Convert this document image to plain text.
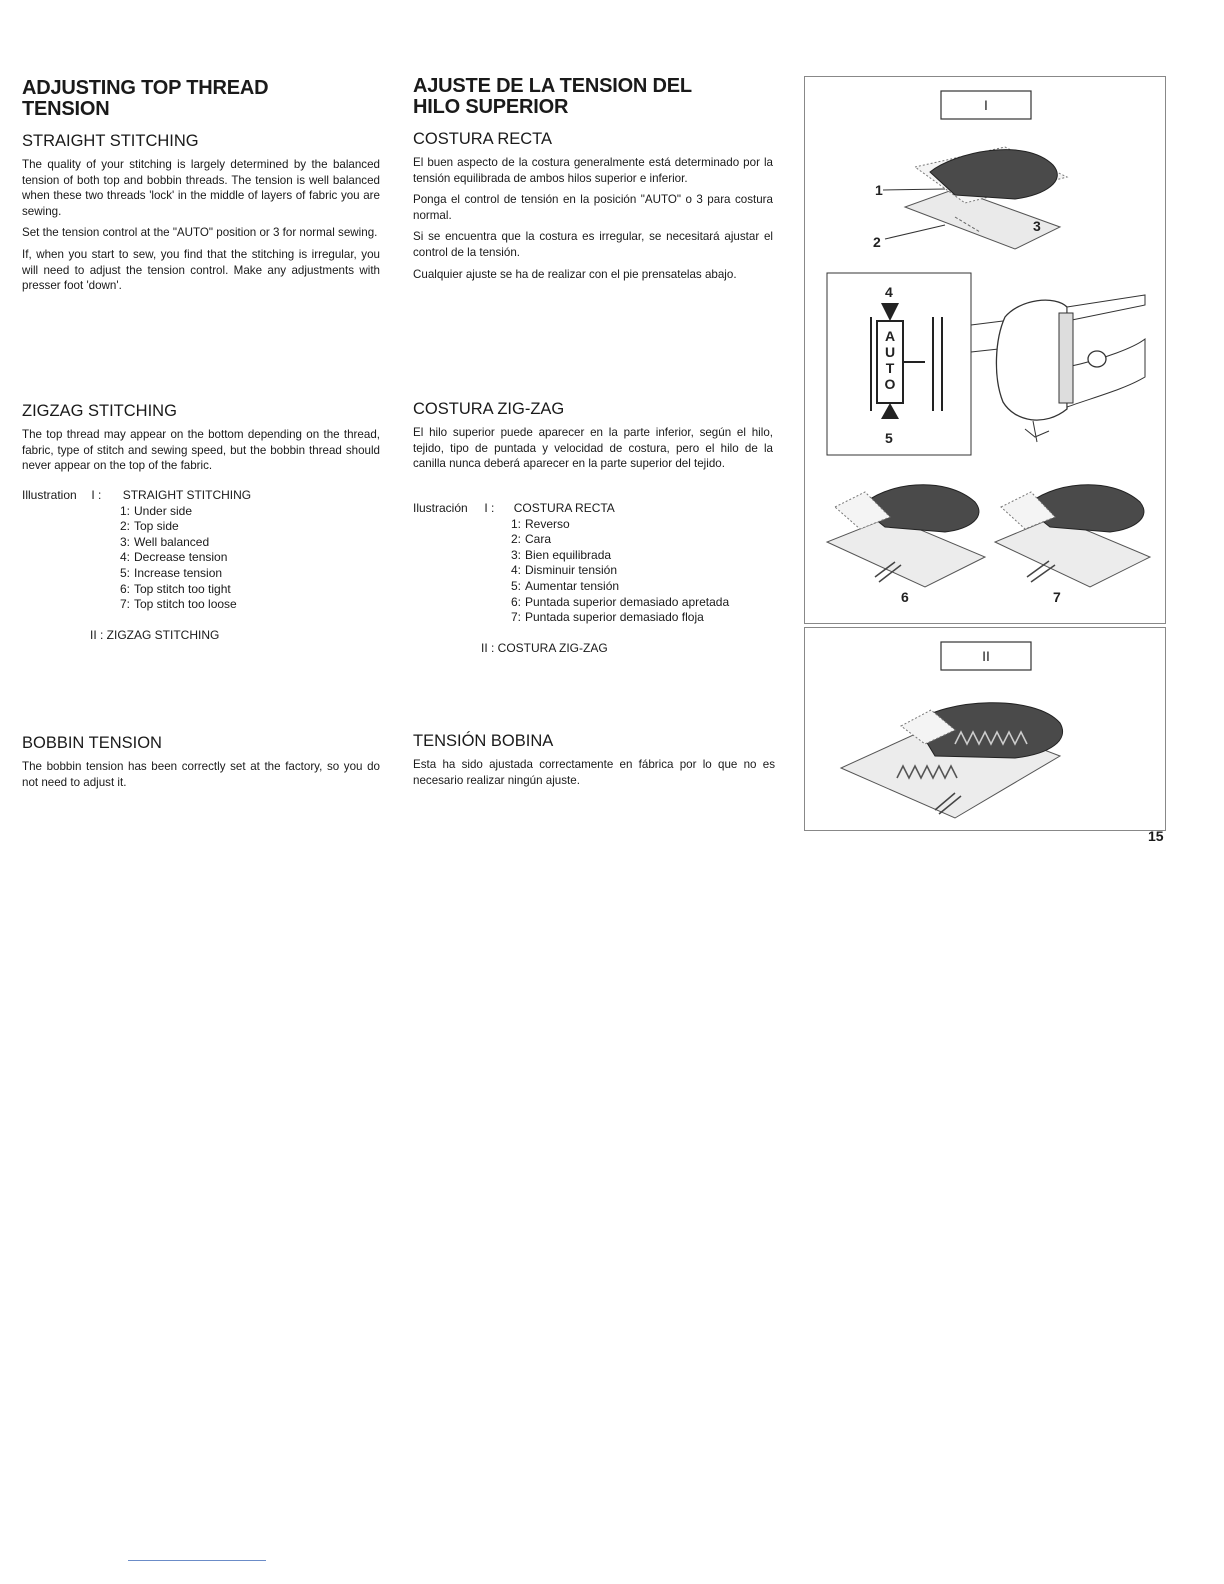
ADJUSTING TOP THREAD TENSION
STRAIGHT STITCHING

The quality of your stitching is largely determined by the balanced tension of both top and bobbin threads. The tension is well balanced when these two threads 'lock' in the middle of layers of fabric you are sewing.

Set the tension control at the "AUTO" position or 3 for normal sewing.

If, when you start to sew, you find that the stitching is irregular, you will need to adjust the tension control. Make any adjustments with presser foot 'down'.

ZIGZAG STITCHING

The top thread may appear on the bottom depending on the thread, fabric, type of stitch and sewing speed, but the bobbin thread should never appear on the top of the fabric.

Illustration I : STRAIGHT STITCHING
1: Under side
2: Top side
3: Well balanced
4: Decrease tension
5: Increase tension
6: Top stitch too tight
7: Top stitch too loose
II : ZIGZAG STITCHING
BOBBIN TENSION

The bobbin tension has been correctly set at the factory, so you do not need to adjust it.

AJUSTE DE LA TENSION DEL HILO SUPERIOR
COSTURA RECTA

El buen aspecto de la costura generalmente está determinado por la tensión equilibrada de ambos hilos superior e inferior.

Ponga el control de tensión en la posición "AUTO" o 3 para costura normal.

Si se encuentra que la costura es irregular, se necesitará ajustar el control de la tensión.

Cualquier ajuste se ha de realizar con el pie prensatelas abajo.

COSTURA ZIG-ZAG

El hilo superior puede aparecer en la parte inferior, según el hilo, tejido, tipo de puntada y velocidad de costura, pero el hilo de la canilla nunca deberá aparecer en la parte superior del tejido.

Ilustración I : COSTURA RECTA
1: Reverso
2: Cara
3: Bien equilibrada
4: Disminuir tensión
5: Aumentar tensión
6: Puntada superior demasiado apretada
7: Puntada superior demasiado floja
II : COSTURA ZIG-ZAG
TENSIÓN BOBINA

Esta ha sido ajustada correctamente en fábrica por lo que no es necesario realizar ningún ajuste.

I
1
2
3
4
5
A
U
T
O
6	7
II
15
